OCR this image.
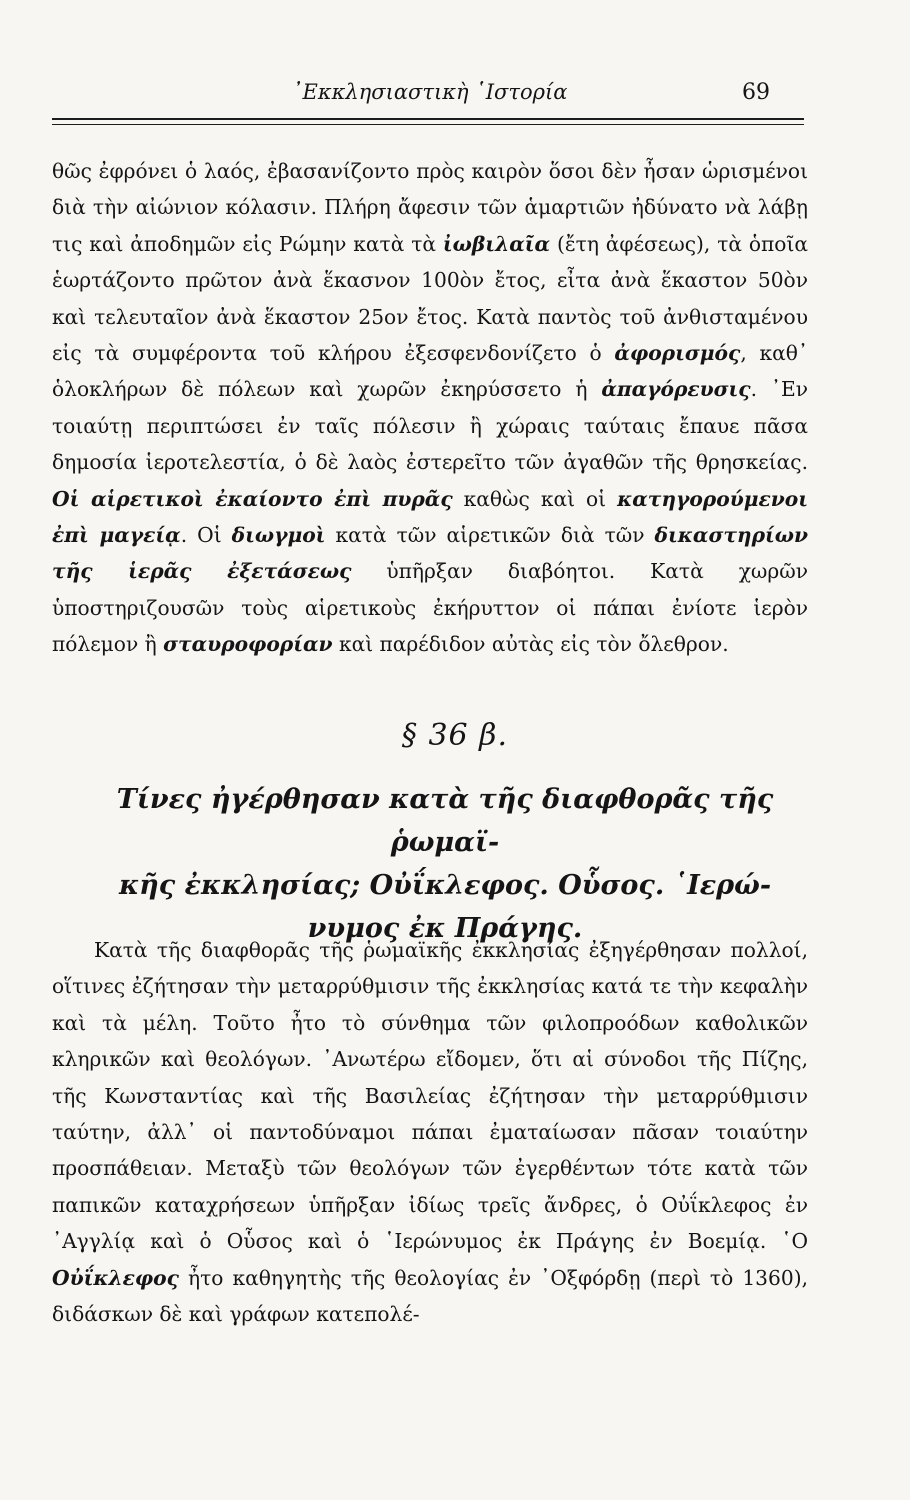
᾿Εκκλησιαστικὴ ῾Ιστορία	69

θῶς ἐφρόνει ὁ λαός, ἐβασανίζοντο πρὸς καιρὸν ὅσοι δὲν ἦσαν ὡρισμένοι διὰ τὴν αἰώνιον κόλασιν. Πλήρη ἄφεσιν τῶν ἁμαρτιῶν ἠδύνατο νὰ λάβῃ τις καὶ ἀποδημῶν εἰς Ρώμην κατὰ τὰ ἰωβιλαῖα (ἔτη ἀφέσεως), τὰ ὁποῖα ἑωρτάζοντο πρῶτον ἀνὰ ἕκασνον 100ὸν ἔτος, εἶτα ἀνὰ ἕκαστον 50ὸν καὶ τελευταῖον ἀνὰ ἕκαστον 25ον ἔτος. Κατὰ παντὸς τοῦ ἀνθισταμένου εἰς τὰ συμφέροντα τοῦ κλήρου ἐξεσφενδονίζετο ὁ ἀφορισμός, καθ᾿ ὁλοκλήρων δὲ πόλεων καὶ χωρῶν ἐκηρύσσετο ἡ ἀπαγόρευσις. ᾿Εν τοιαύτῃ περιπτώσει ἐν ταῖς πόλεσιν ἢ χώραις ταύταις ἔπαυε πᾶσα δημοσία ἱεροτελεστία, ὁ δὲ λαὸς ἐστερεῖτο τῶν ἀγαθῶν τῆς θρησκείας. Οἱ αἱρετικοὶ ἐκαίοντο ἐπὶ πυρᾶς καθὼς καὶ οἱ κατηγορούμενοι ἐπὶ μαγείᾳ. Οἱ διωγμοὶ κατὰ τῶν αἱρετικῶν διὰ τῶν δικαστηρίων τῆς ἱερᾶς ἐξετάσεως ὑπῆρξαν διαβόητοι. Κατὰ χωρῶν ὑποστηριζουσῶν τοὺς αἱρετικοὺς ἐκήρυττον οἱ πάπαι ἐνίοτε ἱερὸν πόλεμον ἢ σταυροφορίαν καὶ παρέδιδον αὐτὰς εἰς τὸν ὄλεθρον.

§ 36 β.
Τίνες ἠγέρθησαν κατὰ τῆς διαφθορᾶς τῆς ῥωμαϊ-
κῆς ἐκκλησίας; Οὐΐκλεφος. Οὗσος. ῾Ιερώ-
νυμος ἐκ Πράγης.

Κατὰ τῆς διαφθορᾶς τῆς ῥωμαϊκῆς ἐκκλησίας ἐξηγέρθησαν πολλοί, οἵτινες ἐζήτησαν τὴν μεταρρύθμισιν τῆς ἐκκλησίας κατά τε τὴν κεφαλὴν καὶ τὰ μέλη. Τοῦτο ἦτο τὸ σύνθημα τῶν φιλοπροόδων καθολικῶν κληρικῶν καὶ θεολόγων. ᾿Ανωτέρω εἴδομεν, ὅτι αἱ σύνοδοι τῆς Πίζης, τῆς Κωνσταντίας καὶ τῆς Βασιλείας ἐζήτησαν τὴν μεταρρύθμισιν ταύτην, ἀλλ᾿ οἱ παντοδύναμοι πάπαι ἐματαίωσαν πᾶσαν τοιαύτην προσπάθειαν. Μεταξὺ τῶν θεολόγων τῶν ἐγερθέντων τότε κατὰ τῶν παπικῶν καταχρήσεων ὑπῆρξαν ἰδίως τρεῖς ἄνδρες, ὁ Οὐΐκλεφος ἐν ᾿Αγγλίᾳ καὶ ὁ Οὗσος καὶ ὁ ῾Ιερώνυμος ἐκ Πράγης ἐν Βοεμίᾳ. ῾Ο Οὐΐκλεφος ἦτο καθηγητὴς τῆς θεολογίας ἐν ᾿Οξφόρδῃ (περὶ τὸ 1360), διδάσκων δὲ καὶ γράφων κατεπολέ-
